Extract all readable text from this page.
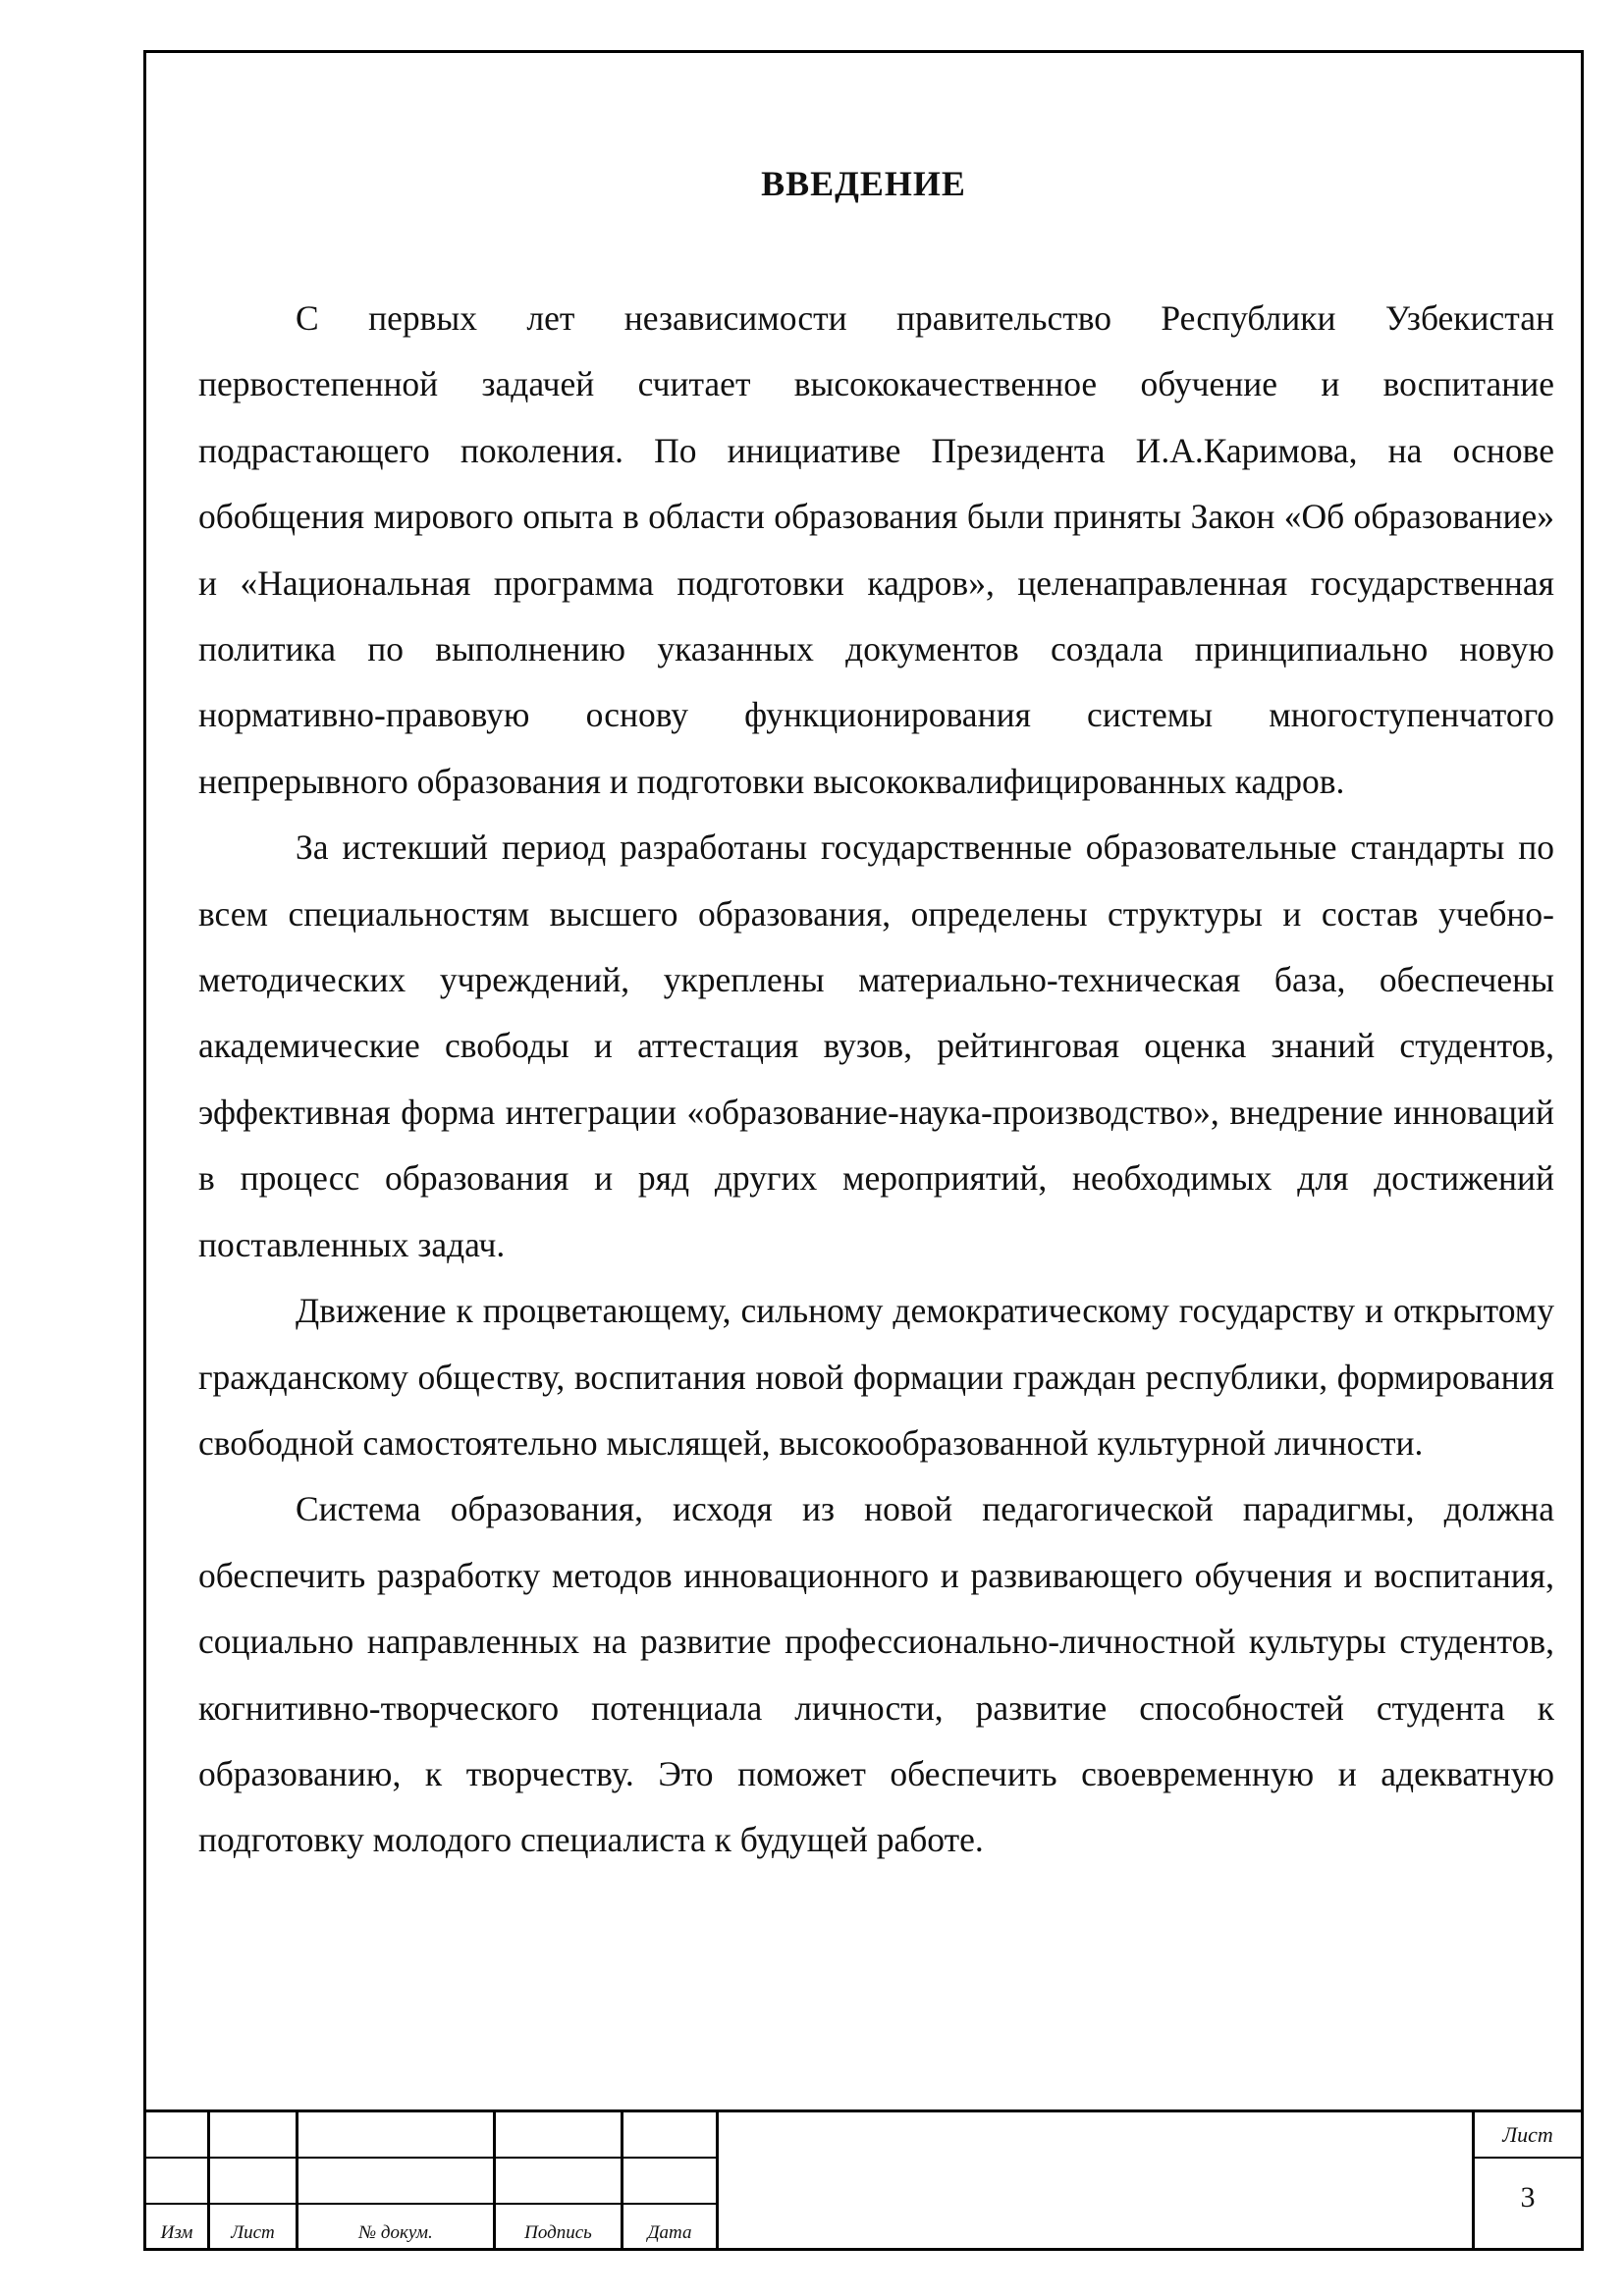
ВВЕДЕНИЕ

С первых лет независимости правительство Республики Узбекистан первостепенной задачей считает высококачественное обучение и воспитание подрастающего поколения. По инициативе Президента И.А.Каримова, на основе обобщения мирового опыта в области образования были приняты Закон «Об образование» и «Национальная программа подготовки кадров», целенаправленная государственная политика по выполнению указанных документов создала принципиально новую нормативно-правовую основу функционирования системы многоступенчатого непрерывного образования и подготовки высококвалифицированных кадров.

За истекший период разработаны государственные образовательные стандарты по всем специальностям высшего образования, определены структуры и состав учебно-методических учреждений, укреплены материально-техническая база, обеспечены академические свободы и аттестация вузов, рейтинговая оценка знаний студентов, эффективная форма интеграции «образование-наука-производство», внедрение инноваций в процесс образования и ряд других мероприятий, необходимых для достижений поставленных задач.

Движение к процветающему, сильному демократическому государству и открытому гражданскому обществу, воспитания новой формации граждан республики, формирования свободной самостоятельно мыслящей, высокообразованной культурной личности.

Система образования, исходя из новой педагогической парадигмы, должна обеспечить разработку методов инновационного и развивающего обучения и воспитания, социально направленных на развитие профессионально-личностной культуры студентов, когнитивно-творческого потенциала личности, развитие способностей студента к образованию, к творчеству. Это поможет обеспечить своевременную и адекватную подготовку молодого специалиста к будущей работе.

Изм	Лист	№ докум.	Подпись	Дата
Лист
3
